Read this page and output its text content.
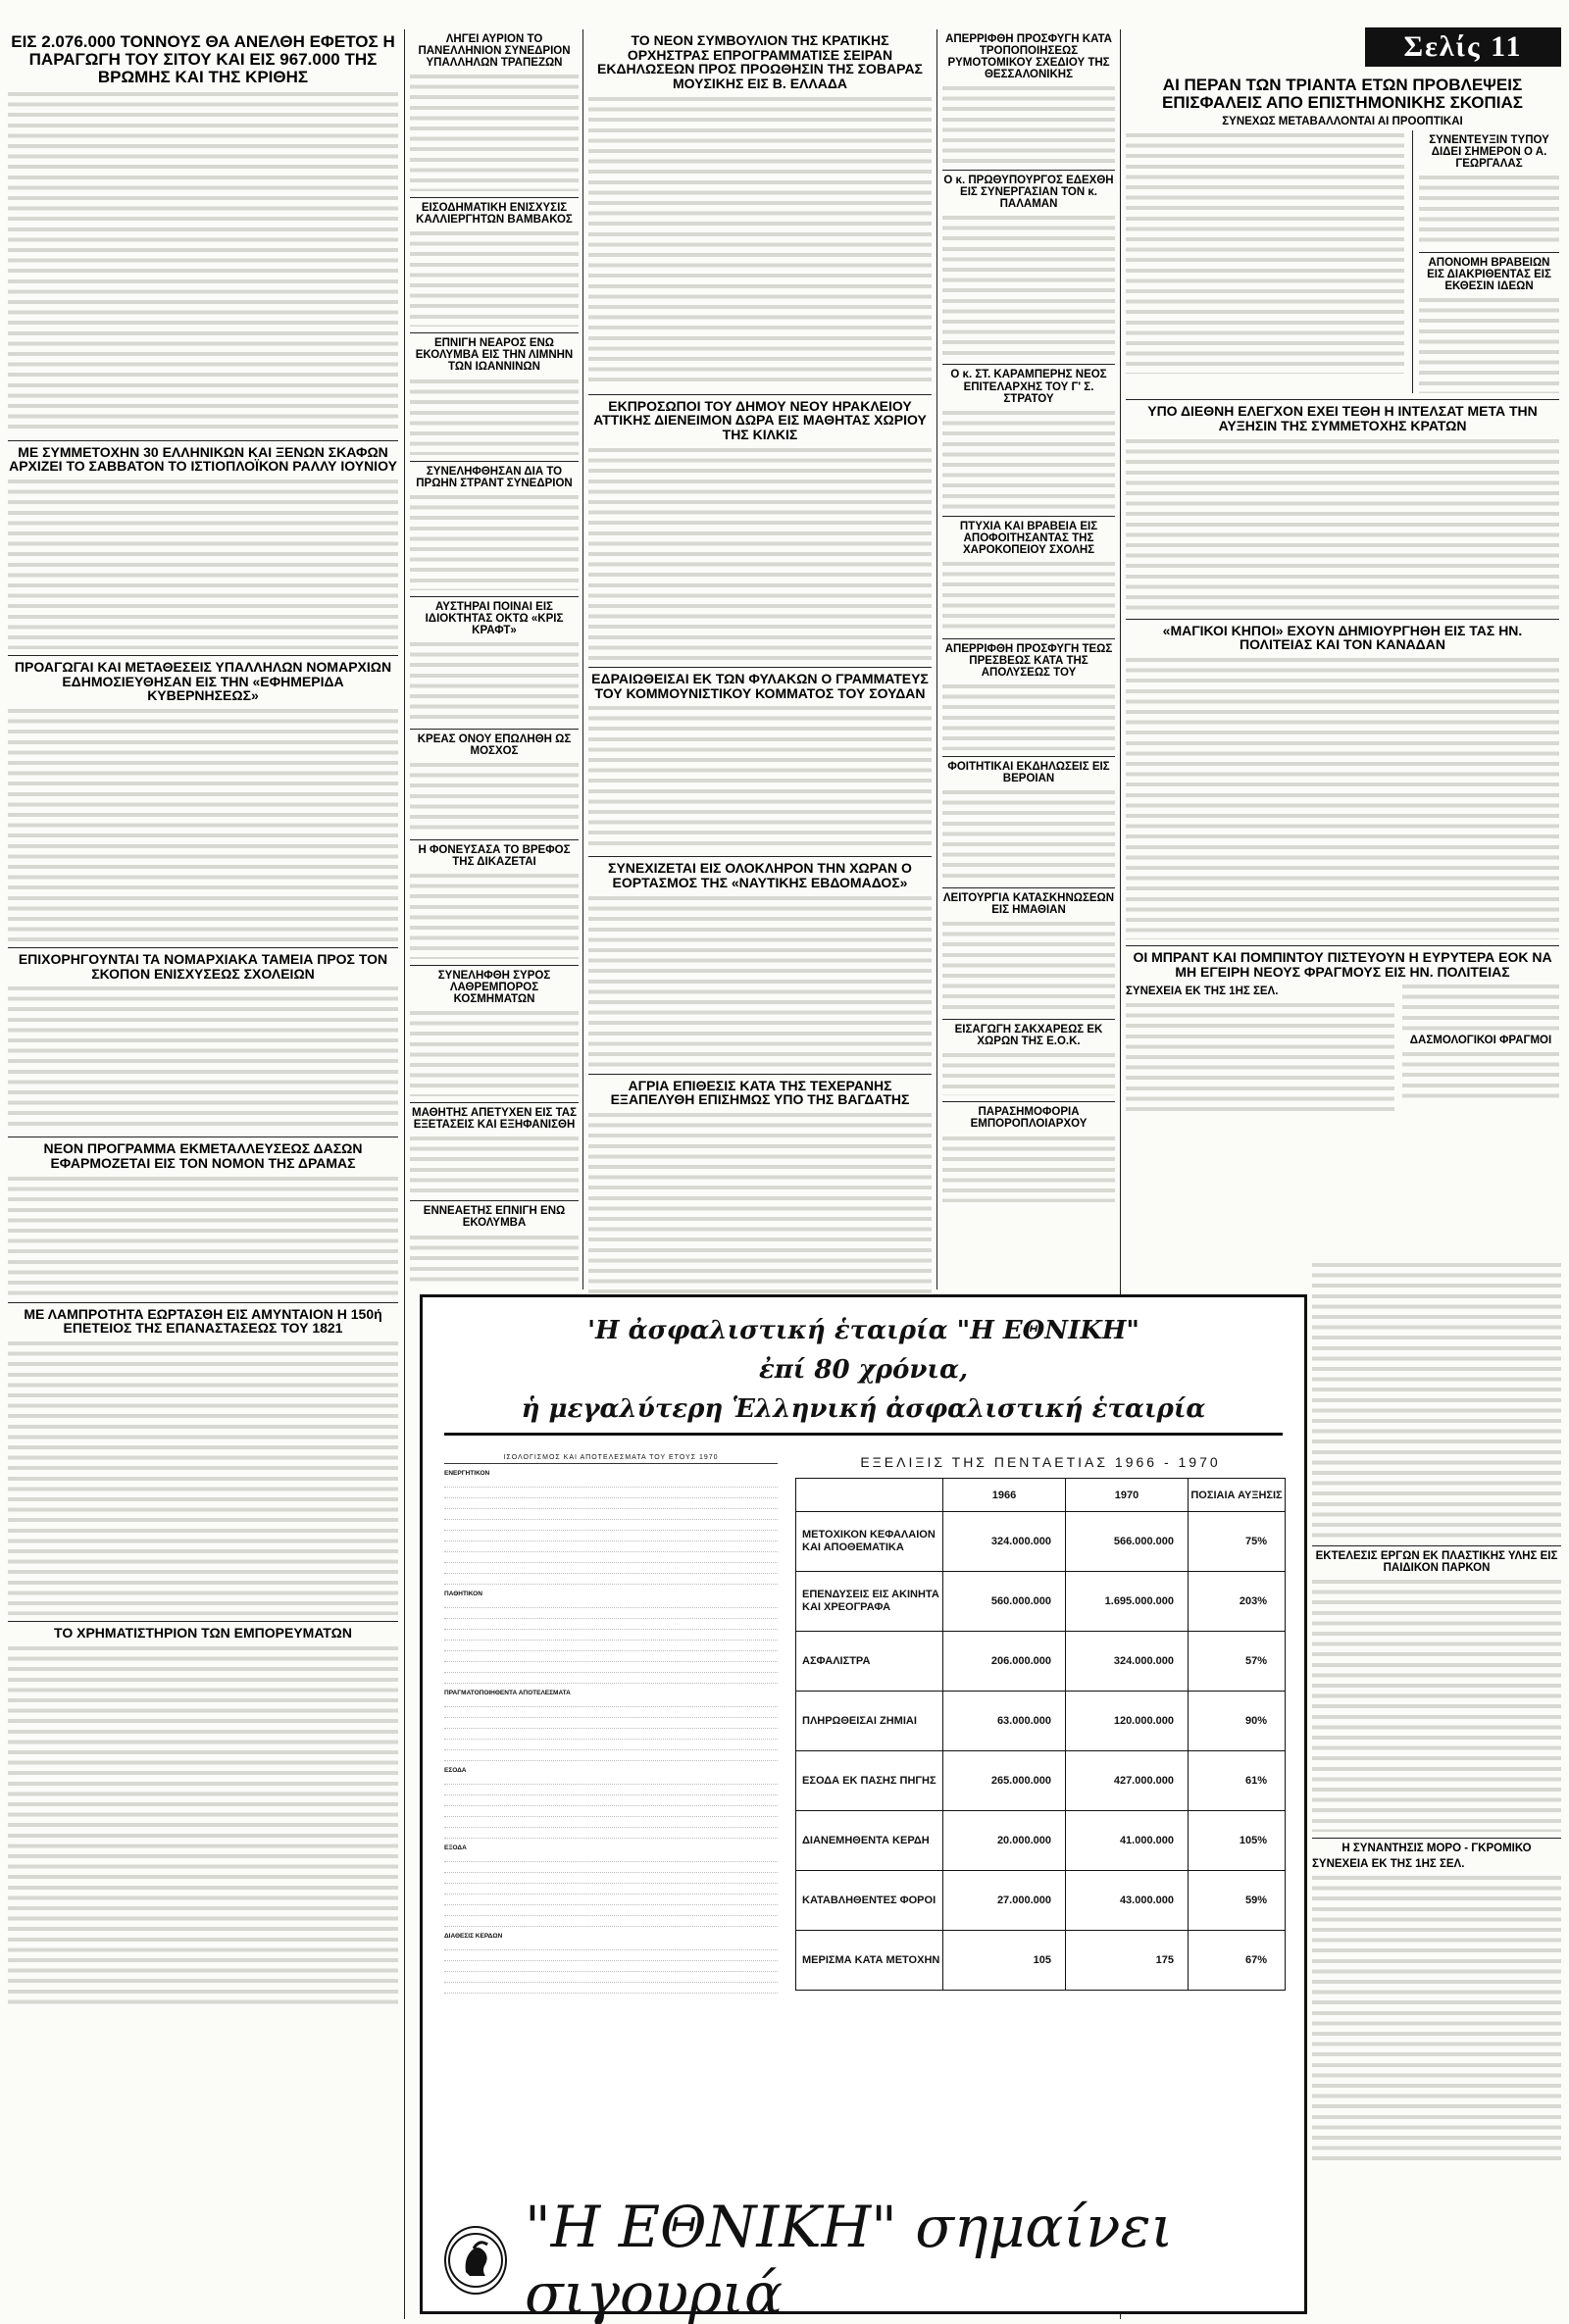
Σελίς 11
ΕΙΣ 2.076.000 ΤΟΝΝΟΥΣ ΘΑ ΑΝΕΛΘΗ ΕΦΕΤΟΣ Η ΠΑΡΑΓΩΓΗ ΤΟΥ ΣΙΤΟΥ ΚΑΙ ΕΙΣ 967.000 ΤΗΣ ΒΡΩΜΗΣ ΚΑΙ ΤΗΣ ΚΡΙΘΗΣ
ΜΕ ΣΥΜΜΕΤΟΧΗΝ 30 ΕΛΛΗΝΙΚΩΝ ΚΑΙ ΞΕΝΩΝ ΣΚΑΦΩΝ ΑΡΧΙΖΕΙ ΤΟ ΣΑΒΒΑΤΟΝ ΤΟ ΙΣΤΙΟΠΛΟΪΚΟΝ ΡΑΛΛΥ ΙΟΥΝΙΟΥ
ΠΡΟΑΓΩΓΑΙ ΚΑΙ ΜΕΤΑΘΕΣΕΙΣ ΥΠΑΛΛΗΛΩΝ ΝΟΜΑΡΧΙΩΝ ΕΔΗΜΟΣΙΕΥΘΗΣΑΝ ΕΙΣ ΤΗΝ «ΕΦΗΜΕΡΙΔΑ ΚΥΒΕΡΝΗΣΕΩΣ»
ΕΠΙΧΟΡΗΓΟΥΝΤΑΙ ΤΑ ΝΟΜΑΡΧΙΑΚΑ ΤΑΜΕΙΑ ΠΡΟΣ ΤΟΝ ΣΚΟΠΟΝ ΕΝΙΣΧΥΣΕΩΣ ΣΧΟΛΕΙΩΝ
ΝΕΟΝ ΠΡΟΓΡΑΜΜΑ ΕΚΜΕΤΑΛΛΕΥΣΕΩΣ ΔΑΣΩΝ ΕΦΑΡΜΟΖΕΤΑΙ ΕΙΣ ΤΟΝ ΝΟΜΟΝ ΤΗΣ ΔΡΑΜΑΣ
ΜΕ ΛΑΜΠΡΟΤΗΤΑ ΕΩΡΤΑΣΘΗ ΕΙΣ ΑΜΥΝΤΑΙΟΝ Η 150ή ΕΠΕΤΕΙΟΣ ΤΗΣ ΕΠΑΝΑΣΤΑΣΕΩΣ ΤΟΥ 1821
ΤΟ ΧΡΗΜΑΤΙΣΤΗΡΙΟΝ ΤΩΝ ΕΜΠΟΡΕΥΜΑΤΩΝ
ΛΗΓΕΙ ΑΥΡΙΟΝ ΤΟ ΠΑΝΕΛΛΗΝΙΟΝ ΣΥΝΕΔΡΙΟΝ ΥΠΑΛΛΗΛΩΝ ΤΡΑΠΕΖΩΝ
ΕΙΣΟΔΗΜΑΤΙΚΗ ΕΝΙΣΧΥΣΙΣ ΚΑΛΛΙΕΡΓΗΤΩΝ ΒΑΜΒΑΚΟΣ
ΕΠΝΙΓΗ ΝΕΑΡΟΣ ΕΝΩ ΕΚΟΛΥΜΒΑ ΕΙΣ ΤΗΝ ΛΙΜΝΗΝ ΤΩΝ ΙΩΑΝΝΙΝΩΝ
ΣΥΝΕΛΗΦΘΗΣΑΝ ΔΙΑ ΤΟ ΠΡΩΗΝ ΣΤΡΑΝΤ ΣΥΝΕΔΡΙΟΝ
ΑΥΣΤΗΡΑΙ ΠΟΙΝΑΙ ΕΙΣ ΙΔΙΟΚΤΗΤΑΣ ΟΚΤΩ «ΚΡΙΣ ΚΡΑΦΤ»
ΚΡΕΑΣ ΟΝΟΥ ΕΠΩΛΗΘΗ ΩΣ ΜΟΣΧΟΣ
Η ΦΟΝΕΥΣΑΣΑ ΤΟ ΒΡΕΦΟΣ ΤΗΣ ΔΙΚΑΖΕΤΑΙ
ΣΥΝΕΛΗΦΘΗ ΣΥΡΟΣ ΛΑΘΡΕΜΠΟΡΟΣ ΚΟΣΜΗΜΑΤΩΝ
ΜΑΘΗΤΗΣ ΑΠΕΤΥΧΕΝ ΕΙΣ ΤΑΣ ΕΞΕΤΑΣΕΙΣ ΚΑΙ ΕΞΗΦΑΝΙΣΘΗ
ΕΝΝΕΑΕΤΗΣ ΕΠΝΙΓΗ ΕΝΩ ΕΚΟΛΥΜΒΑ
ΤΟ ΝΕΟΝ ΣΥΜΒΟΥΛΙΟΝ ΤΗΣ ΚΡΑΤΙΚΗΣ ΟΡΧΗΣΤΡΑΣ ΕΠΡΟΓΡΑΜΜΑΤΙΣΕ ΣΕΙΡΑΝ ΕΚΔΗΛΩΣΕΩΝ ΠΡΟΣ ΠΡΟΩΘΗΣΙΝ ΤΗΣ ΣΟΒΑΡΑΣ ΜΟΥΣΙΚΗΣ ΕΙΣ Β. ΕΛΛΑΔΑ
ΕΚΠΡΟΣΩΠΟΙ ΤΟΥ ΔΗΜΟΥ ΝΕΟΥ ΗΡΑΚΛΕΙΟΥ ΑΤΤΙΚΗΣ ΔΙΕΝΕΙΜΟΝ ΔΩΡΑ ΕΙΣ ΜΑΘΗΤΑΣ ΧΩΡΙΟΥ ΤΗΣ ΚΙΛΚΙΣ
ΕΔΡΑΙΩΘΕΙΣΑΙ ΕΚ ΤΩΝ ΦΥΛΑΚΩΝ Ο ΓΡΑΜΜΑΤΕΥΣ ΤΟΥ ΚΟΜΜΟΥΝΙΣΤΙΚΟΥ ΚΟΜΜΑΤΟΣ ΤΟΥ ΣΟΥΔΑΝ
ΣΥΝΕΧΙΖΕΤΑΙ ΕΙΣ ΟΛΟΚΛΗΡΟΝ ΤΗΝ ΧΩΡΑΝ Ο ΕΟΡΤΑΣΜΟΣ ΤΗΣ «ΝΑΥΤΙΚΗΣ ΕΒΔΟΜΑΔΟΣ»
ΑΓΡΙΑ ΕΠΙΘΕΣΙΣ ΚΑΤΑ ΤΗΣ ΤΕΧΕΡΑΝΗΣ ΕΞΑΠΕΛΥΘΗ ΕΠΙΣΗΜΩΣ ΥΠΟ ΤΗΣ ΒΑΓΔΑΤΗΣ
ΑΠΕΡΡΙΦΘΗ ΠΡΟΣΦΥΓΗ ΚΑΤΑ ΤΡΟΠΟΠΟΙΗΣΕΩΣ ΡΥΜΟΤΟΜΙΚΟΥ ΣΧΕΔΙΟΥ ΤΗΣ ΘΕΣΣΑΛΟΝΙΚΗΣ
Ο κ. ΠΡΩΘΥΠΟΥΡΓΟΣ ΕΔΕΧΘΗ ΕΙΣ ΣΥΝΕΡΓΑΣΙΑΝ ΤΟΝ κ. ΠΑΛΑΜΑΝ
Ο κ. ΣΤ. ΚΑΡΑΜΠΕΡΗΣ ΝΕΟΣ ΕΠΙΤΕΛΑΡΧΗΣ ΤΟΥ Γ' Σ. ΣΤΡΑΤΟΥ
ΠΤΥΧΙΑ ΚΑΙ ΒΡΑΒΕΙΑ ΕΙΣ ΑΠΟΦΟΙΤΗΣΑΝΤΑΣ ΤΗΣ ΧΑΡΟΚΟΠΕΙΟΥ ΣΧΟΛΗΣ
ΑΠΕΡΡΙΦΘΗ ΠΡΟΣΦΥΓΗ ΤΕΩΣ ΠΡΕΣΒΕΩΣ ΚΑΤΑ ΤΗΣ ΑΠΟΛΥΣΕΩΣ ΤΟΥ
ΦΟΙΤΗΤΙΚΑΙ ΕΚΔΗΛΩΣΕΙΣ ΕΙΣ ΒΕΡΟΙΑΝ
ΛΕΙΤΟΥΡΓΙΑ ΚΑΤΑΣΚΗΝΩΣΕΩΝ ΕΙΣ ΗΜΑΘΙΑΝ
ΕΙΣΑΓΩΓΗ ΣΑΚΧΑΡΕΩΣ ΕΚ ΧΩΡΩΝ ΤΗΣ Ε.Ο.Κ.
ΠΑΡΑΣΗΜΟΦΟΡΙΑ ΕΜΠΟΡΟΠΛΟΙΑΡΧΟΥ
ΑΙ ΠΕΡΑΝ ΤΩΝ ΤΡΙΑΝΤΑ ΕΤΩΝ ΠΡΟΒΛΕΨΕΙΣ ΕΠΙΣΦΑΛΕΙΣ ΑΠΟ ΕΠΙΣΤΗΜΟΝΙΚΗΣ ΣΚΟΠΙΑΣ
ΣΥΝΕΧΩΣ ΜΕΤΑΒΑΛΛΟΝΤΑΙ ΑΙ ΠΡΟΟΠΤΙΚΑΙ
ΣΥΝΕΝΤΕΥΞΙΝ ΤΥΠΟΥ ΔΙΔΕΙ ΣΗΜΕΡΟΝ Ο Α. ΓΕΩΡΓΑΛΑΣ
ΑΠΟΝΟΜΗ ΒΡΑΒΕΙΩΝ ΕΙΣ ΔΙΑΚΡΙΘΕΝΤΑΣ ΕΙΣ ΕΚΘΕΣΙΝ ΙΔΕΩΝ
ΥΠΟ ΔΙΕΘΝΗ ΕΛΕΓΧΟΝ ΕΧΕΙ ΤΕΘΗ Η ΙΝΤΕΛΣΑΤ ΜΕΤΑ ΤΗΝ ΑΥΞΗΣΙΝ ΤΗΣ ΣΥΜΜΕΤΟΧΗΣ ΚΡΑΤΩΝ
«ΜΑΓΙΚΟΙ ΚΗΠΟΙ» ΕΧΟΥΝ ΔΗΜΙΟΥΡΓΗΘΗ ΕΙΣ ΤΑΣ ΗΝ. ΠΟΛΙΤΕΙΑΣ ΚΑΙ ΤΟΝ ΚΑΝΑΔΑΝ
ΟΙ ΜΠΡΑΝΤ ΚΑΙ ΠΟΜΠΙΝΤΟΥ ΠΙΣΤΕΥΟΥΝ Η ΕΥΡΥΤΕΡΑ ΕΟΚ ΝΑ ΜΗ ΕΓΕΙΡΗ ΝΕΟΥΣ ΦΡΑΓΜΟΥΣ ΕΙΣ ΗΝ. ΠΟΛΙΤΕΙΑΣ
ΣΥΝΕΧΕΙΑ ΕΚ ΤΗΣ 1ΗΣ ΣΕΛ.
ΔΑΣΜΟΛΟΓΙΚΟΙ ΦΡΑΓΜΟΙ
ΕΚΤΕΛΕΣΙΣ ΕΡΓΩΝ ΕΚ ΠΛΑΣΤΙΚΗΣ ΥΛΗΣ ΕΙΣ ΠΑΙΔΙΚΟΝ ΠΑΡΚΟΝ
Η ΣΥΝΑΝΤΗΣΙΣ ΜΟΡΟ - ΓΚΡΟΜΙΚΟ
ΣΥΝΕΧΕΙΑ ΕΚ ΤΗΣ 1ΗΣ ΣΕΛ.
'Η ἀσφαλιστική ἑταιρία "Η ΕΘΝΙΚΗ"
ἐπί 80 χρόνια,
ἡ μεγαλύτερη Ἑλληνική ἀσφαλιστική ἑταιρία
ΙΣΟΛΟΓΙΣΜΟΣ ΚΑΙ ΑΠΟΤΕΛΕΣΜΑΤΑ ΤΟΥ ΕΤΟΥΣ 1970
ΕΝΕΡΓΗΤΙΚΟΝ
ΠΑΘΗΤΙΚΟΝ
ΠΡΑΓΜΑΤΟΠΟΙΗΘΕΝΤΑ ΑΠΟΤΕΛΕΣΜΑΤΑ
ΕΣΟΔΑ
ΕΞΟΔΑ
ΔΙΑΘΕΣΙΣ ΚΕΡΔΩΝ
ΕΞΕΛΙΞΙΣ ΤΗΣ ΠΕΝΤΑΕΤΙΑΣ 1966 - 1970
	1966	1970	ΠΟΣΙΑΙΑ ΑΥΞΗΣΙΣ
ΜΕΤΟΧΙΚΟΝ ΚΕΦΑΛΑΙΟΝ ΚΑΙ ΑΠΟΘΕΜΑΤΙΚΑ	324.000.000	566.000.000	75%
ΕΠΕΝΔΥΣΕΙΣ ΕΙΣ ΑΚΙΝΗΤΑ ΚΑΙ ΧΡΕΟΓΡΑΦΑ	560.000.000	1.695.000.000	203%
ΑΣΦΑΛΙΣΤΡΑ	206.000.000	324.000.000	57%
ΠΛΗΡΩΘΕΙΣΑΙ ΖΗΜΙΑΙ	63.000.000	120.000.000	90%
ΕΣΟΔΑ ΕΚ ΠΑΣΗΣ ΠΗΓΗΣ	265.000.000	427.000.000	61%
ΔΙΑΝΕΜΗΘΕΝΤΑ ΚΕΡΔΗ	20.000.000	41.000.000	105%
ΚΑΤΑΒΛΗΘΕΝΤΕΣ ΦΟΡΟΙ	27.000.000	43.000.000	59%
ΜΕΡΙΣΜΑ ΚΑΤΑ ΜΕΤΟΧΗΝ	105	175	67%
"Η ΕΘΝΙΚΗ" σημαίνει σιγουριά
